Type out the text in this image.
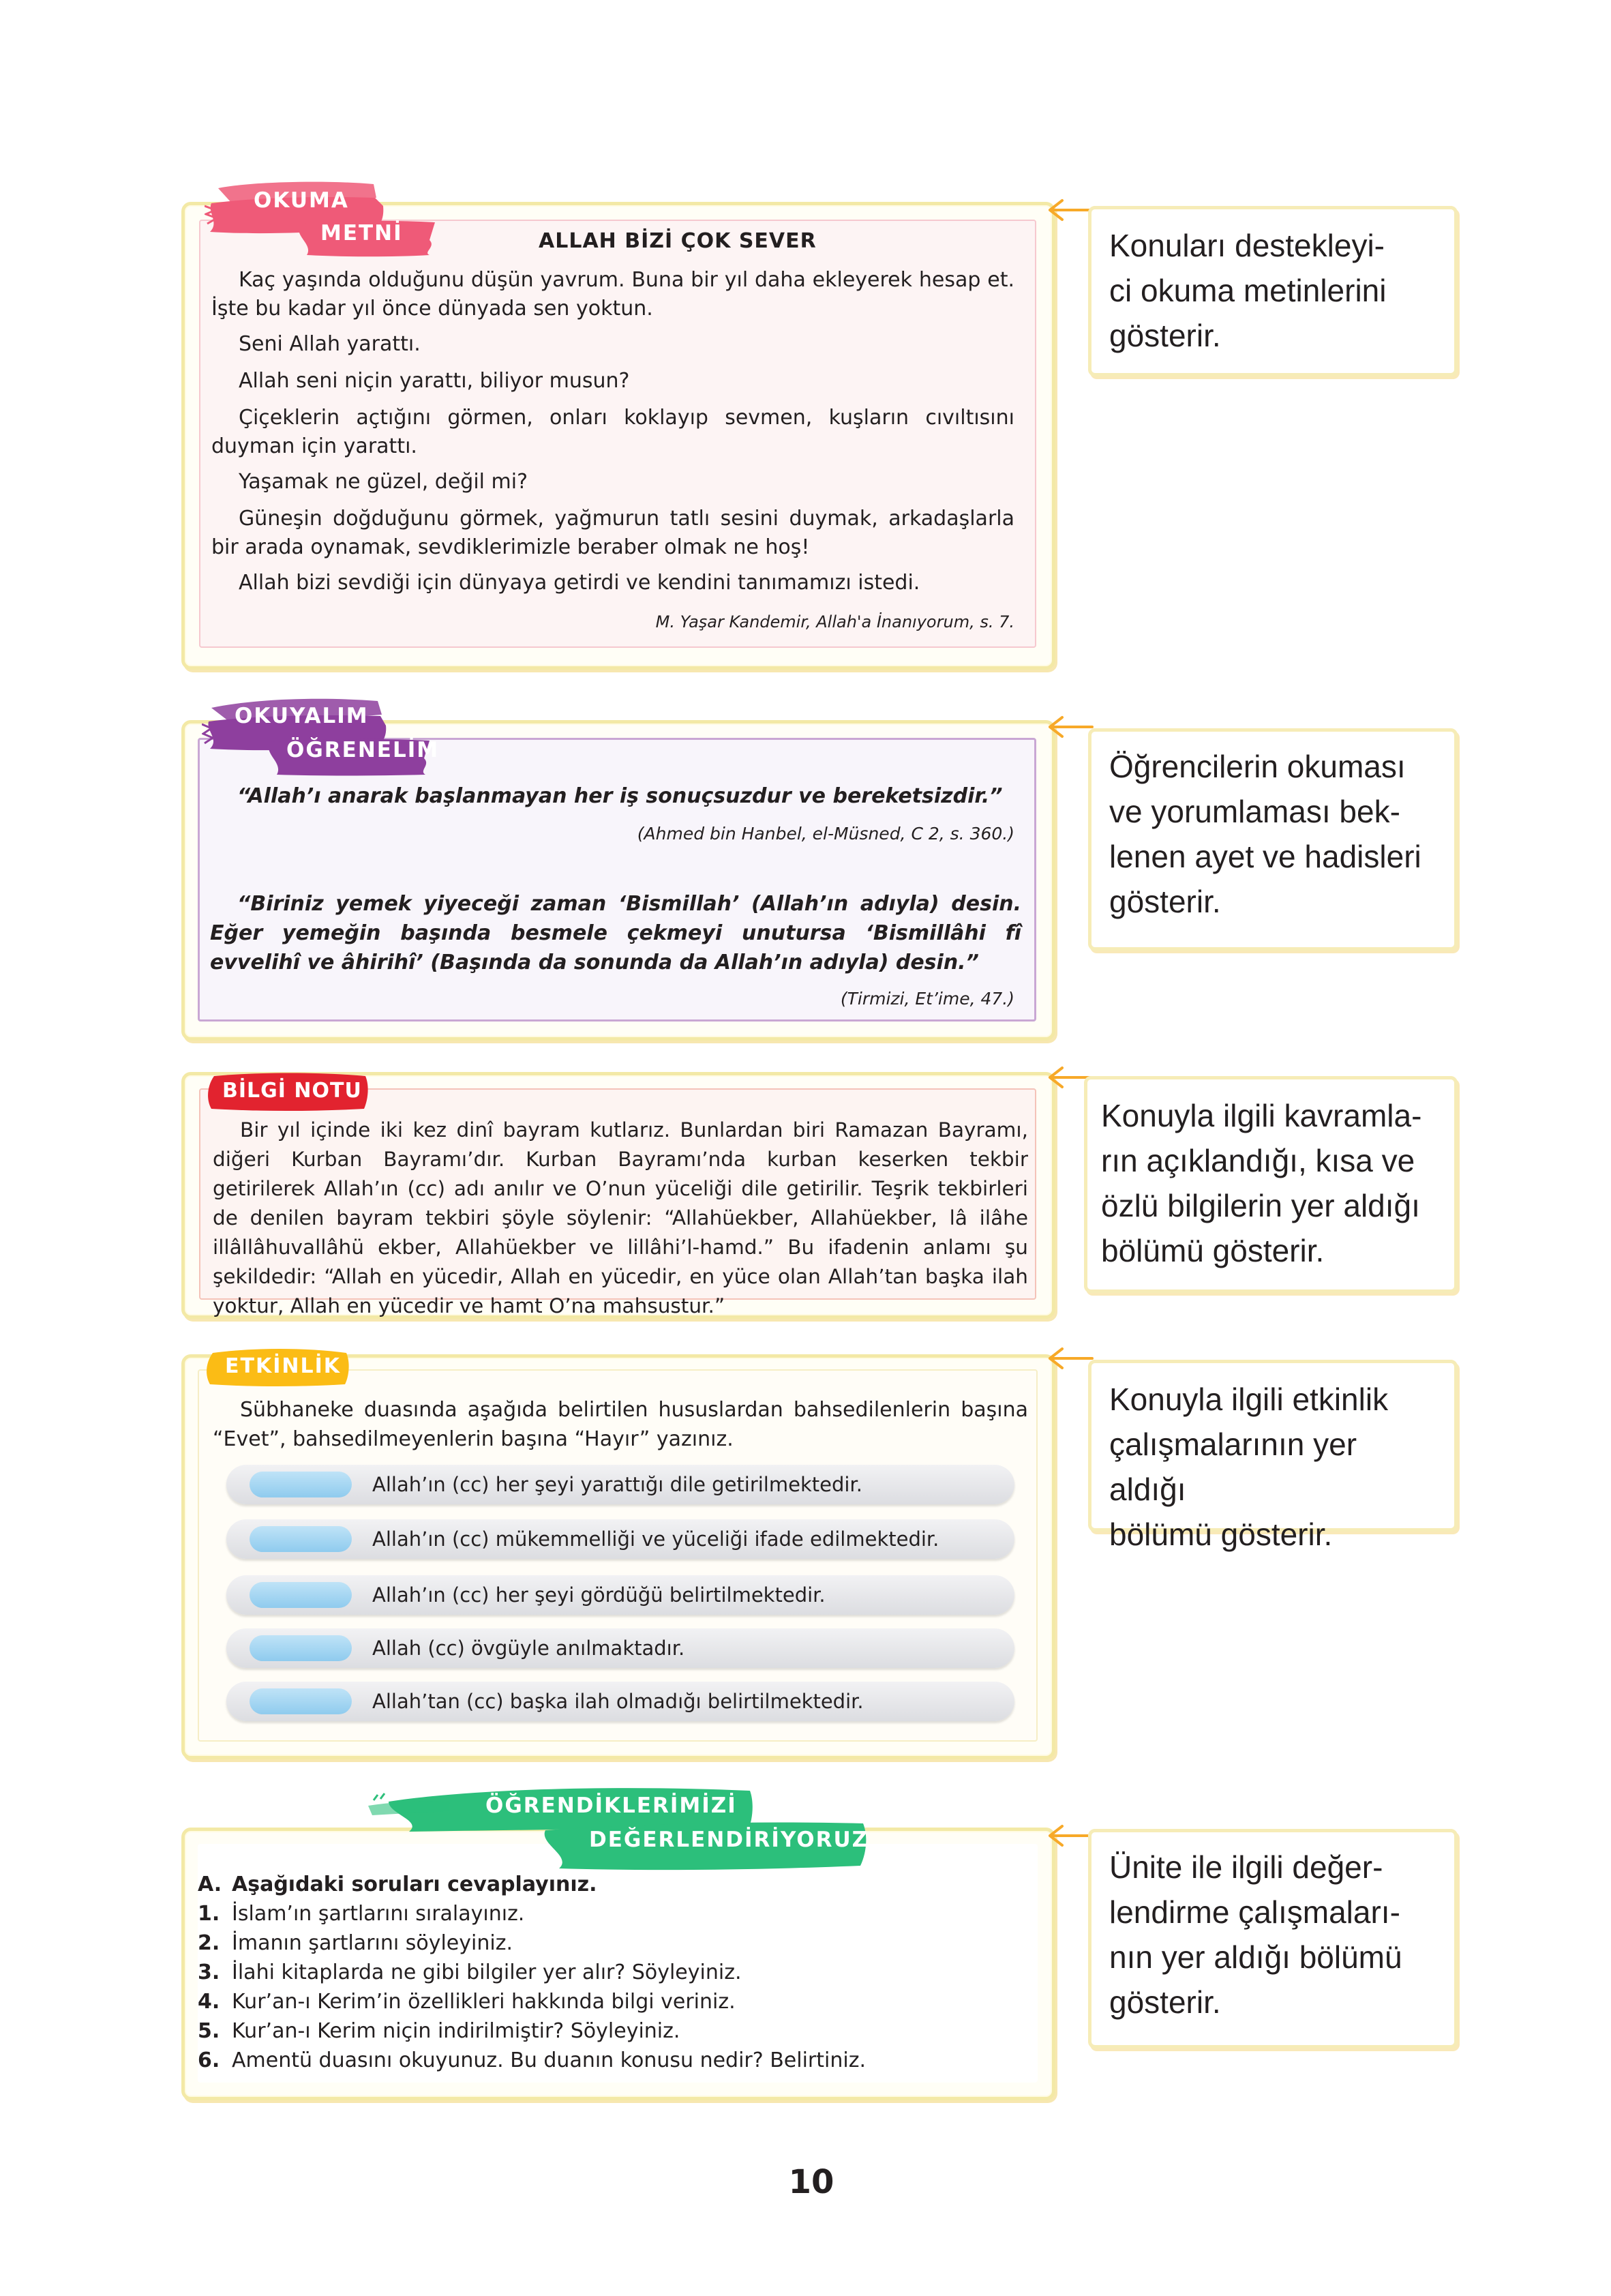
OKUMA
METNİ	ALLAH BİZİ ÇOK SEVER

Kaç yaşında olduğunu düşün yavrum. Buna bir yıl daha ekleyerek hesap et. İşte bu kadar yıl önce dünyada sen yoktun.

Seni Allah yarattı.

Allah seni niçin yarattı, biliyor musun?

Çiçeklerin açtığını görmen, onları koklayıp sevmen, kuşların cıvıltısını duyman için yarattı.

Yaşamak ne güzel, değil mi?

Güneşin doğduğunu görmek, yağmurun tatlı sesini duymak, arkadaşlarla bir arada oynamak, sevdiklerimizle beraber olmak ne hoş!

Allah bizi sevdiği için dünyaya getirdi ve kendini tanımamızı istedi.

M. Yaşar Kandemir, Allah'a İnanıyorum, s. 7.
Konuları destekleyi-
ci okuma metinlerini
gösterir.
OKUYALIM
ÖĞRENELİM
“Allah’ı anarak başlanmayan her iş sonuçsuzdur ve bereketsizdir.”
(Ahmed bin Hanbel, el-Müsned, C 2, s. 360.)
“Biriniz yemek yiyeceği zaman ‘Bismillah’ (Allah’ın adıyla) desin. Eğer yemeğin başında besmele çekmeyi unutursa ‘Bismillâhi fî evvelihî ve âhirihî’ (Başında da sonunda da Allah’ın adıyla) desin.”
(Tirmizi, Et’ime, 47.)
Öğrencilerin okuması
ve yorumlaması bek-
lenen ayet ve hadisleri
gösterir.
BİLGİ NOTU
Bir yıl içinde iki kez dinî bayram kutlarız. Bunlardan biri Ramazan Bayramı, diğeri Kurban Bayramı’dır. Kurban Bayramı’nda kurban keserken tekbir getirilerek Allah’ın (cc) adı anılır ve O’nun yüceliği dile getirilir. Teşrik tekbirleri de denilen bayram tekbiri şöyle söylenir: “Allahüekber, Allahüekber, lâ ilâhe illâllâhuvallâhü ekber, Allahüekber ve lillâhi’l-hamd.” Bu ifadenin anlamı şu şekildedir: “Allah en yücedir, Allah en yücedir, en yüce olan Allah’tan başka ilah yoktur, Allah en yücedir ve hamt O’na mahsustur.”
Konuyla ilgili kavramla-
rın açıklandığı, kısa ve
özlü bilgilerin yer aldığı
bölümü gösterir.
ETKİNLİK
Sübhaneke duasında aşağıda belirtilen hususlardan bahsedilenlerin başına “Evet”, bahsedilmeyenlerin başına “Hayır” yazınız.
Allah’ın (cc) her şeyi yarattığı dile getirilmektedir.
Allah’ın (cc) mükemmelliği ve yüceliği ifade edilmektedir.
Allah’ın (cc) her şeyi gördüğü belirtilmektedir.
Allah (cc) övgüyle anılmaktadır.
Allah’tan (cc) başka ilah olmadığı belirtilmektedir.
Konuyla ilgili etkinlik
çalışmalarının yer aldığı
bölümü gösterir.
ÖĞRENDİKLERİMİZİ
DEĞERLENDİRİYORUZ
A. Aşağıdaki soruları cevaplayınız.
1. İslam’ın şartlarını sıralayınız.
2. İmanın şartlarını söyleyiniz.
3. İlahi kitaplarda ne gibi bilgiler yer alır? Söyleyiniz.
4. Kur’an-ı Kerim’in özellikleri hakkında bilgi veriniz.
5. Kur’an-ı Kerim niçin indirilmiştir? Söyleyiniz.
6. Amentü duasını okuyunuz. Bu duanın konusu nedir? Belirtiniz.
Ünite ile ilgili değer-
lendirme çalışmaları-
nın yer aldığı bölümü
gösterir.
10
